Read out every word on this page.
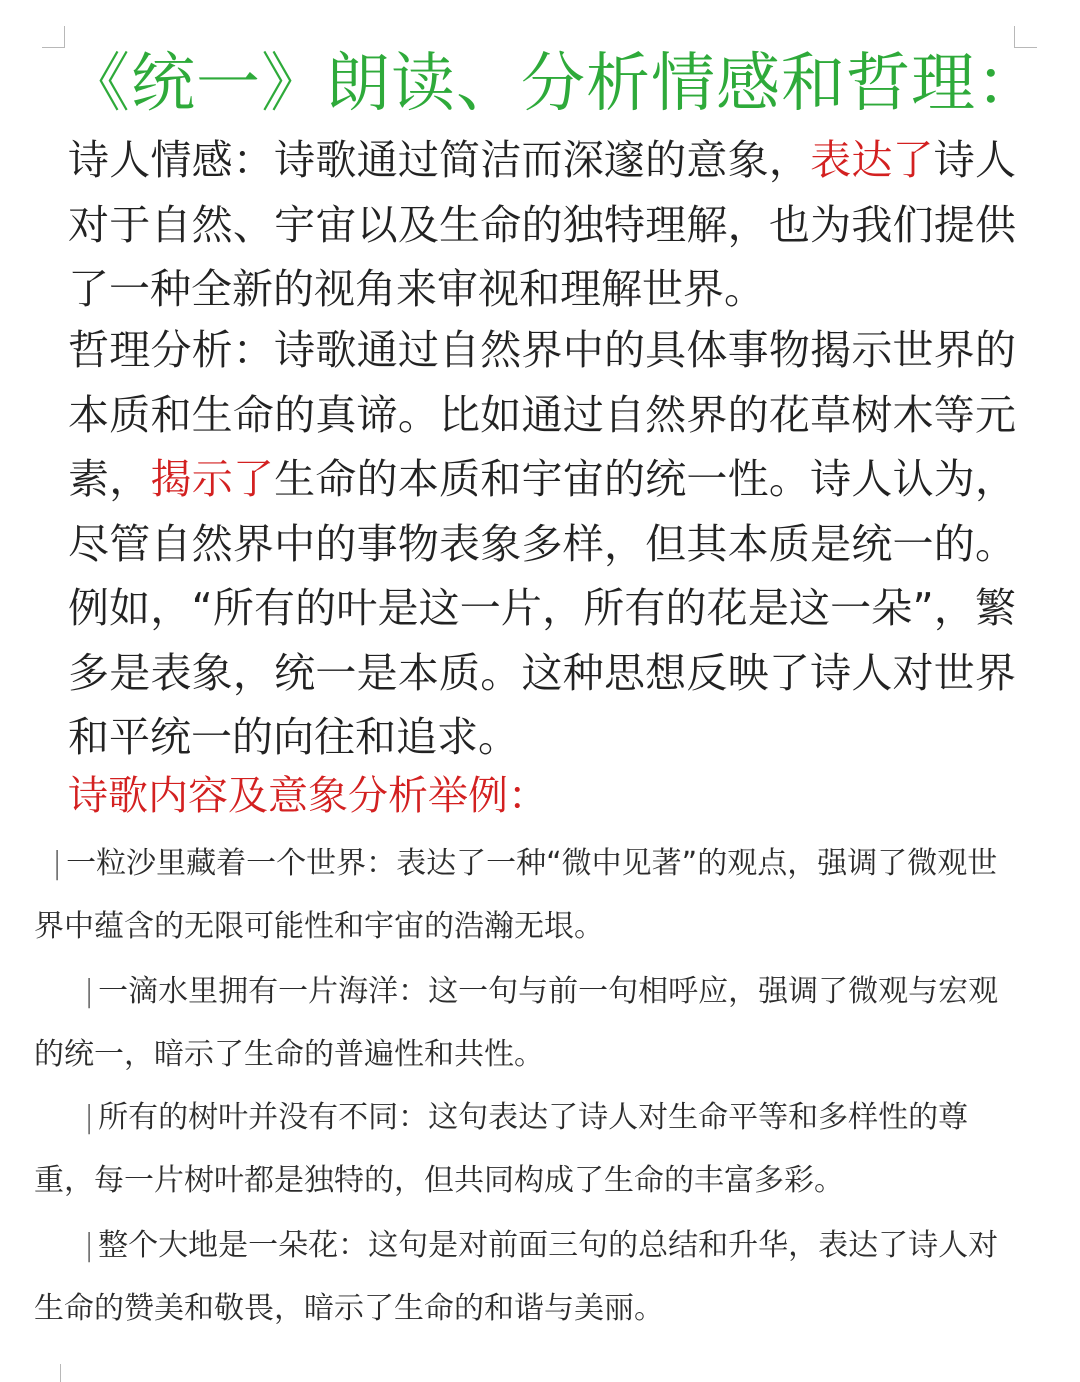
《统一》朗读、分析情感和哲理：
诗人情感：诗歌通过简洁而深邃的意象，表达了诗人对于自然、宇宙以及生命的独特理解，也为我们提供了一种全新的视角来审视和理解世界。
哲理分析：诗歌通过自然界中的具体事物揭示世界的本质和生命的真谛。比如通过自然界的花草树木等元素，揭示了生命的本质和宇宙的统一性。诗人认为，尽管自然界中的事物表象多样，但其本质是统一的。例如，“所有的叶是这一片，所有的花是这一朵”，繁多是表象，统一是本质。这种思想反映了诗人对世界和平统一的向往和追求。
诗歌内容及意象分析举例：
| 一粒沙里藏着一个世界：表达了一种“微中见著”的观点，强调了微观世界中蕴含的无限可能性和宇宙的浩瀚无垠。
| 一滴水里拥有一片海洋：这一句与前一句相呼应，强调了微观与宏观的统一，暗示了生命的普遍性和共性。
| 所有的树叶并没有不同：这句表达了诗人对生命平等和多样性的尊重，每一片树叶都是独特的，但共同构成了生命的丰富多彩。
| 整个大地是一朵花：这句是对前面三句的总结和升华，表达了诗人对生命的赞美和敬畏，暗示了生命的和谐与美丽。
